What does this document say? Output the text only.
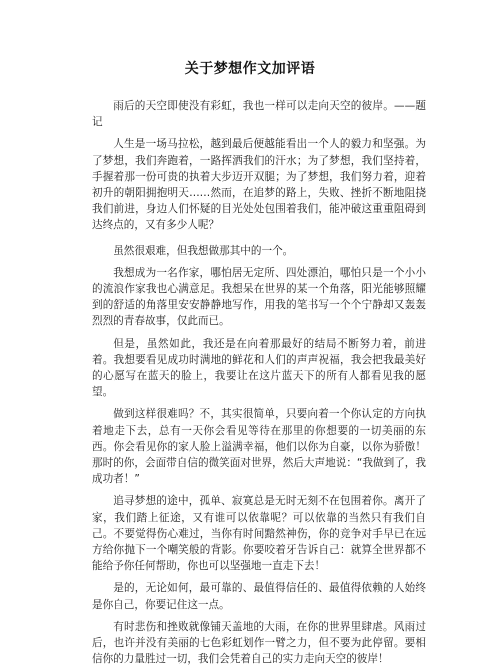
关于梦想作文加评语

雨后的天空即使没有彩虹，我也一样可以走向天空的彼岸。——题记

人生是一场马拉松，越到最后便越能看出一个人的毅力和坚强。为了梦想，我们奔跑着，一路挥洒我们的汗水；为了梦想，我们坚持着，手握着那一份可贵的执着大步迈开双腿；为了梦想，我们努力着，迎着初升的朝阳拥抱明天……然而，在追梦的路上，失败、挫折不断地阻挠我们前进，身边人们怀疑的目光处处包围着我们，能冲破这重重阻碍到达终点的，又有多少人呢？

虽然很艰难，但我想做那其中的一个。

我想成为一名作家，哪怕居无定所、四处漂泊，哪怕只是一个小小的流浪作家我也心满意足。我想呆在世界的某一个角落，阳光能够照耀到的舒适的角落里安安静静地写作，用我的笔书写一个个宁静却又轰轰烈烈的青春故事，仅此而已。

但是，虽然如此，我还是在向着那最好的结局不断努力着，前进着。我想要看见成功时满地的鲜花和人们的声声祝福，我会把我最美好的心愿写在蓝天的脸上，我要让在这片蓝天下的所有人都看见我的愿望。

做到这样很难吗？不，其实很简单，只要向着一个你认定的方向执着地走下去，总有一天你会看见等待在那里的你想要的一切美丽的东西。你会看见你的家人脸上溢满幸福，他们以你为自豪，以你为骄傲！那时的你，会面带自信的微笑面对世界，然后大声地说：“我做到了，我成功者！”

追寻梦想的途中，孤单、寂寞总是无时无刻不在包围着你。离开了家，我们踏上征途，又有谁可以依靠呢？可以依靠的当然只有我们自己。不要觉得伤心难过，当你有时间黯然神伤，你的竞争对手早已在远方给你抛下一个嘲笑般的背影。你要咬着牙告诉自己：就算全世界都不能给予你任何帮助，你也可以坚强地一直走下去！

是的，无论如何，最可靠的、最值得信任的、最值得依赖的人始终是你自己，你要记住这一点。

有时悲伤和挫败就像铺天盖地的大雨，在你的世界里肆虐。风雨过后，也许并没有美丽的七色彩虹划作一臂之力，但不要为此停留。要相信你的力量胜过一切，我们会凭着自己的实力走向天空的彼岸！
